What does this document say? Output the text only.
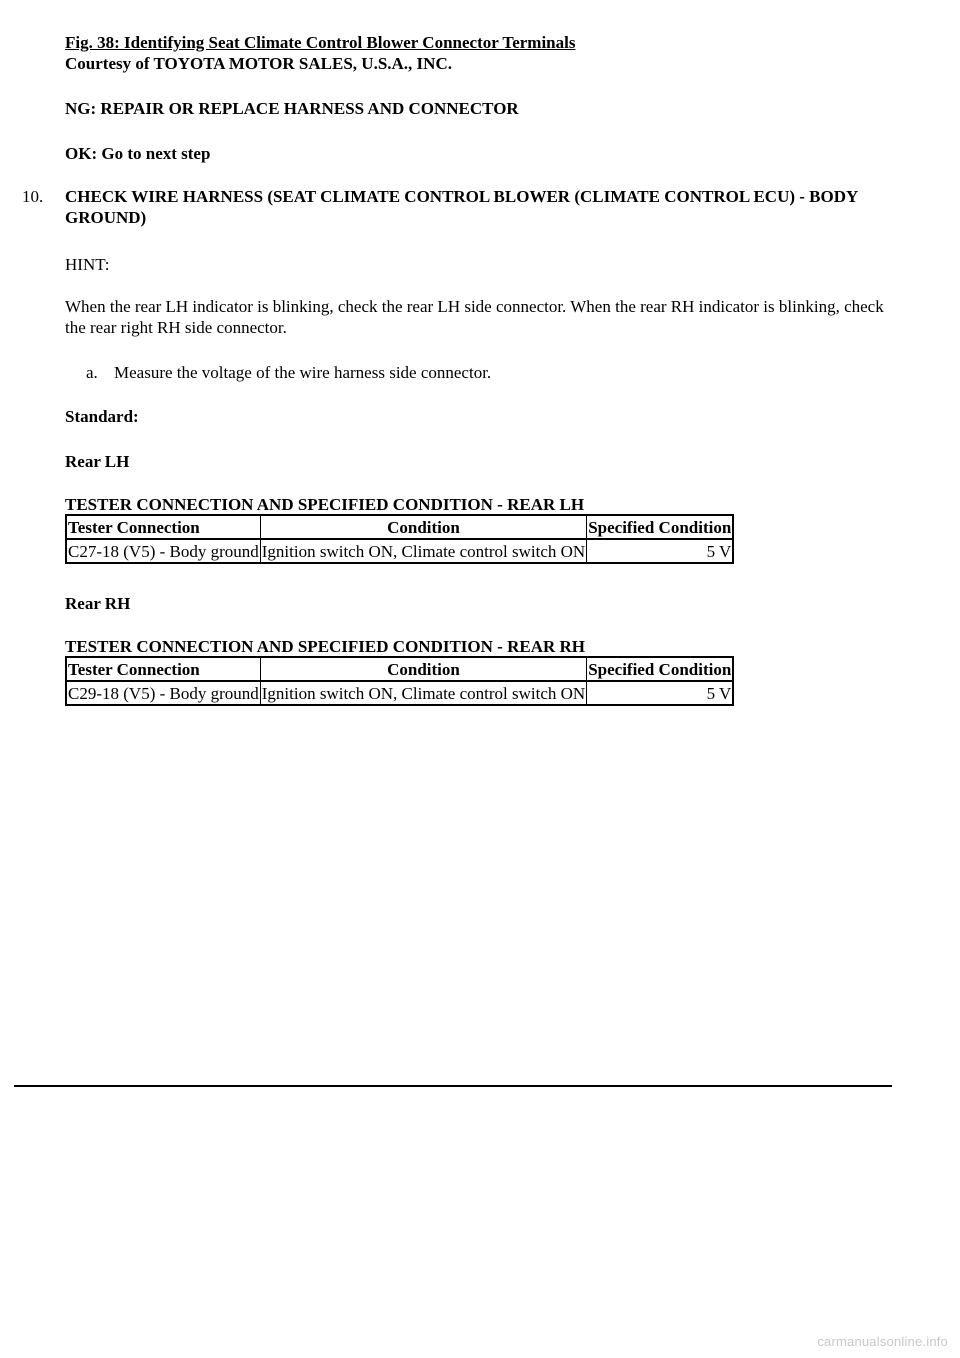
Fig. 38: Identifying Seat Climate Control Blower Connector Terminals
Courtesy of TOYOTA MOTOR SALES, U.S.A., INC.
NG: REPAIR OR REPLACE HARNESS AND CONNECTOR
OK: Go to next step
10. CHECK WIRE HARNESS (SEAT CLIMATE CONTROL BLOWER (CLIMATE CONTROL ECU) - BODY GROUND)
HINT:
When the rear LH indicator is blinking, check the rear LH side connector. When the rear RH indicator is blinking, check the rear right RH side connector.
a. Measure the voltage of the wire harness side connector.
Standard:
Rear LH
TESTER CONNECTION AND SPECIFIED CONDITION - REAR LH
Tester Connection	Condition	Specified Condition
C27-18 (V5) - Body ground	Ignition switch ON, Climate control switch ON	5 V
Rear RH
TESTER CONNECTION AND SPECIFIED CONDITION - REAR RH
Tester Connection	Condition	Specified Condition
C29-18 (V5) - Body ground	Ignition switch ON, Climate control switch ON	5 V
carmanualsonline.info
